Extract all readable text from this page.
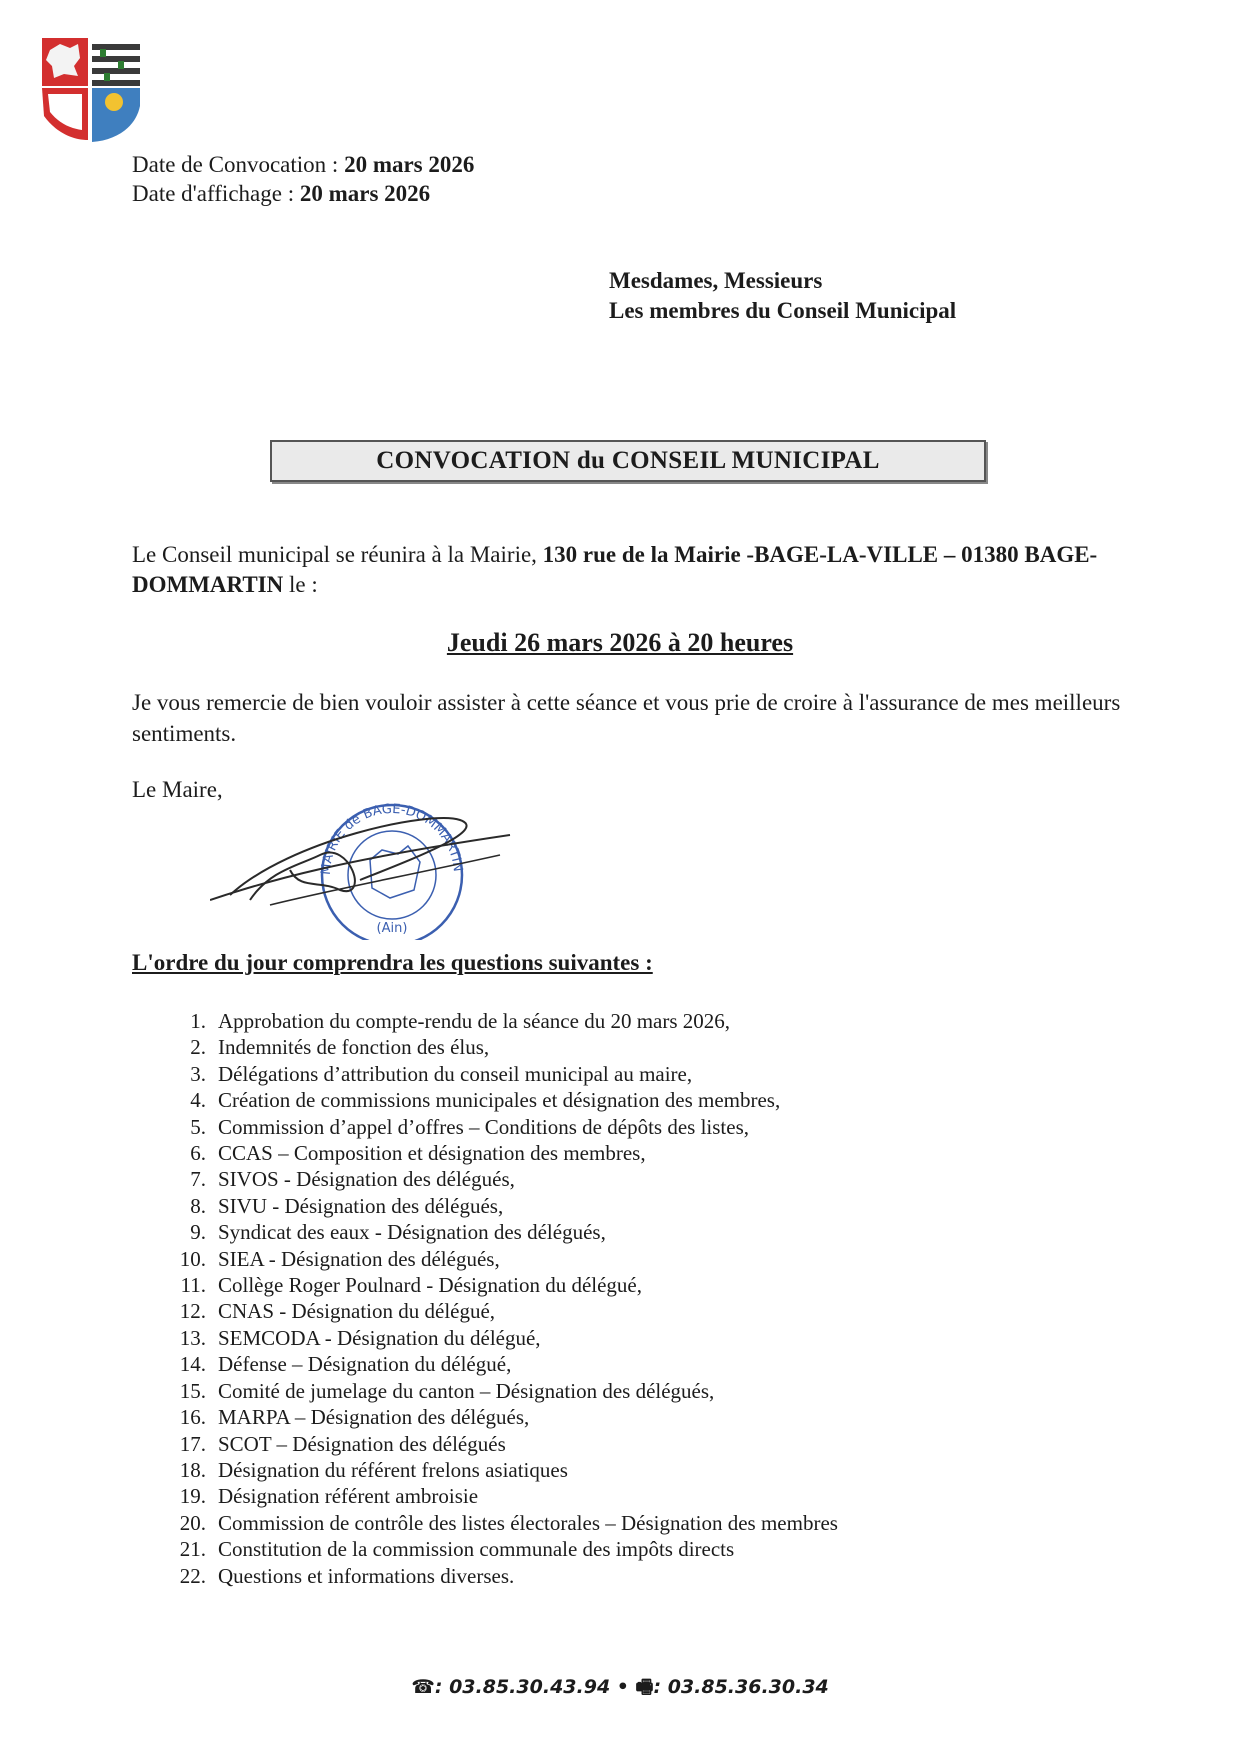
Date de Convocation : 20 mars 2026
Date d'affichage : 20 mars 2026
Mesdames, Messieurs
Les membres du Conseil Municipal
CONVOCATION du CONSEIL MUNICIPAL
Le Conseil municipal se réunira à la Mairie, 130 rue de la Mairie -BAGE-LA-VILLE – 01380 BAGE-DOMMARTIN le :
Jeudi 26 mars 2026 à 20 heures
Je vous remercie de bien vouloir assister à cette séance et vous prie de croire à l'assurance de mes meilleurs sentiments.
Le Maire,
MAIRIE de BAGE-DOMMARTIN
(Ain)
L'ordre du jour comprendra les questions suivantes :
1. Approbation du compte-rendu de la séance du 20 mars 2026,
2. Indemnités de fonction des élus,
3. Délégations d’attribution du conseil municipal au maire,
4. Création de commissions municipales et désignation des membres,
5. Commission d’appel d’offres – Conditions de dépôts des listes,
6. CCAS – Composition et désignation des membres,
7. SIVOS - Désignation des délégués,
8. SIVU - Désignation des délégués,
9. Syndicat des eaux - Désignation des délégués,
10. SIEA - Désignation des délégués,
11. Collège Roger Poulnard - Désignation du délégué,
12. CNAS - Désignation du délégué,
13. SEMCODA - Désignation du délégué,
14. Défense – Désignation du délégué,
15. Comité de jumelage du canton – Désignation des délégués,
16. MARPA – Désignation des délégués,
17. SCOT – Désignation des délégués
18. Désignation du référent frelons asiatiques
19. Désignation référent ambroisie
20. Commission de contrôle des listes électorales – Désignation des membres
21. Constitution de la commission communale des impôts directs
22. Questions et informations diverses.
☎: 03.85.30.43.94 • 🖷: 03.85.36.30.34
